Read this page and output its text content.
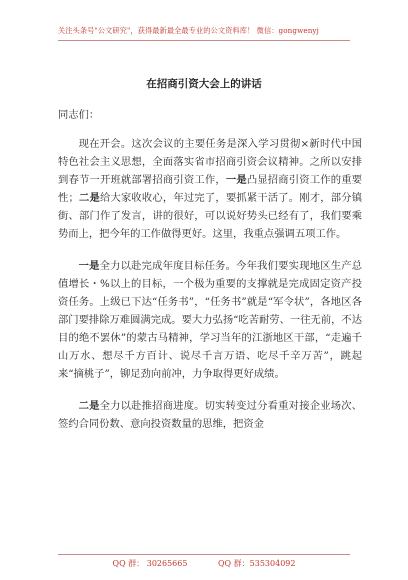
关注头条号"公文研究"，获得最新最全最专业的公文资料库！ 微信：gongwenyj
在招商引资大会上的讲话
同志们：

现在开会。这次会议的主要任务是深入学习贯彻×新时代中国特色社会主义思想，全面落实省市招商引资会议精神。之所以安排到春节一开班就部署招商引资工作，一是凸显招商引资工作的重要性；二是给大家收收心，年过完了，要抓紧干活了。刚才，部分镇街、部门作了发言，讲的很好，可以说好势头已经有了，我们要乘势而上，把今年的工作做得更好。这里，我重点强调五项工作。

一是全力以赴完成年度目标任务。今年我们要实现地区生产总值增长・%以上的目标，一个极为重要的支撑就是完成固定资产投资任务。上级已下达“任务书”，“任务书”就是“军令状”，各地区各部门要排除万难圆满完成。要大力弘扬“吃苦耐劳、一往无前，不达目的绝不罢休”的蒙古马精神，学习当年的江浙地区干部，“走遍千山万水、想尽千方百计、说尽千言万语、吃尽千辛万苦”，跳起来“摘桃子”，铆足劲向前冲，力争取得更好成绩。

二是全力以赴推招商进度。切实转变过分看重对接企业场次、签约合同份数、意向投资数量的思维，把资金

QQ 群： 30265665	QQ 群：535304092
